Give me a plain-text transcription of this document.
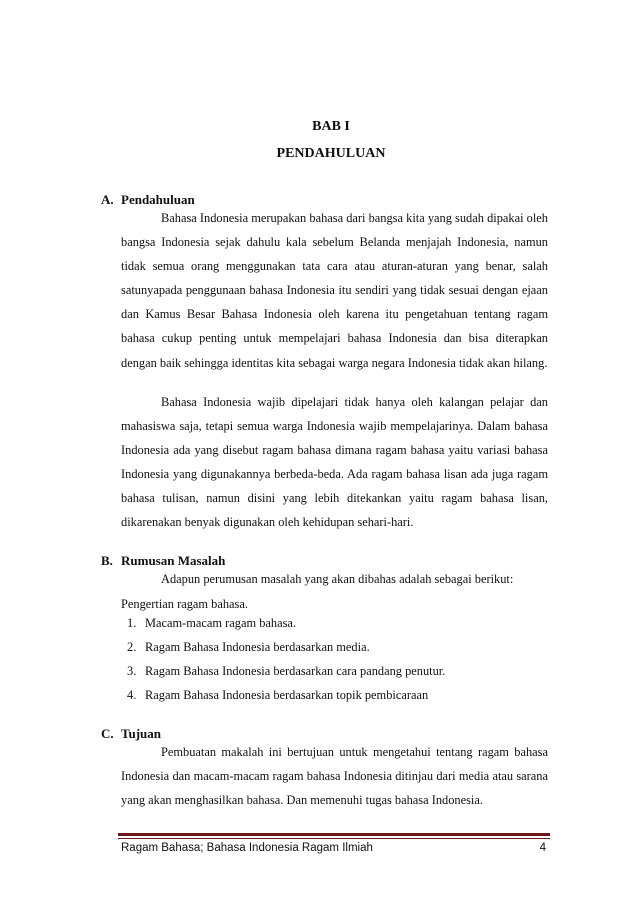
BAB I
PENDAHULUAN
A. Pendahuluan

Bahasa Indonesia merupakan bahasa dari bangsa kita yang sudah dipakai oleh bangsa Indonesia sejak dahulu kala sebelum Belanda menjajah Indonesia, namun tidak semua orang menggunakan tata cara atau aturan-aturan yang benar, salah satunyapada penggunaan bahasa Indonesia itu sendiri yang tidak sesuai dengan ejaan dan Kamus Besar Bahasa Indonesia oleh karena itu pengetahuan tentang ragam bahasa cukup penting untuk mempelajari bahasa Indonesia dan bisa diterapkan dengan baik sehingga identitas kita sebagai warga negara Indonesia tidak akan hilang.

Bahasa Indonesia wajib dipelajari tidak hanya oleh kalangan pelajar dan mahasiswa saja, tetapi semua warga Indonesia wajib mempelajarinya. Dalam bahasa Indonesia ada yang disebut ragam bahasa dimana ragam bahasa yaitu variasi bahasa Indonesia yang digunakannya berbeda-beda. Ada ragam bahasa lisan ada juga ragam bahasa tulisan, namun disini yang lebih ditekankan yaitu ragam bahasa lisan, dikarenakan benyak digunakan oleh kehidupan sehari-hari.

B. Rumusan Masalah

Adapun perumusan masalah yang akan dibahas adalah sebagai berikut:

Pengertian ragam bahasa.
1. Macam-macam ragam bahasa.
2. Ragam Bahasa Indonesia berdasarkan media.
3. Ragam Bahasa Indonesia berdasarkan cara pandang penutur.
4. Ragam Bahasa Indonesia berdasarkan topik pembicaraan
C. Tujuan

Pembuatan makalah ini bertujuan untuk mengetahui tentang ragam bahasa Indonesia dan macam-macam ragam bahasa Indonesia ditinjau dari media atau sarana yang akan menghasilkan bahasa. Dan memenuhi tugas bahasa Indonesia.

Ragam Bahasa; Bahasa Indonesia Ragam Ilmiah	4
